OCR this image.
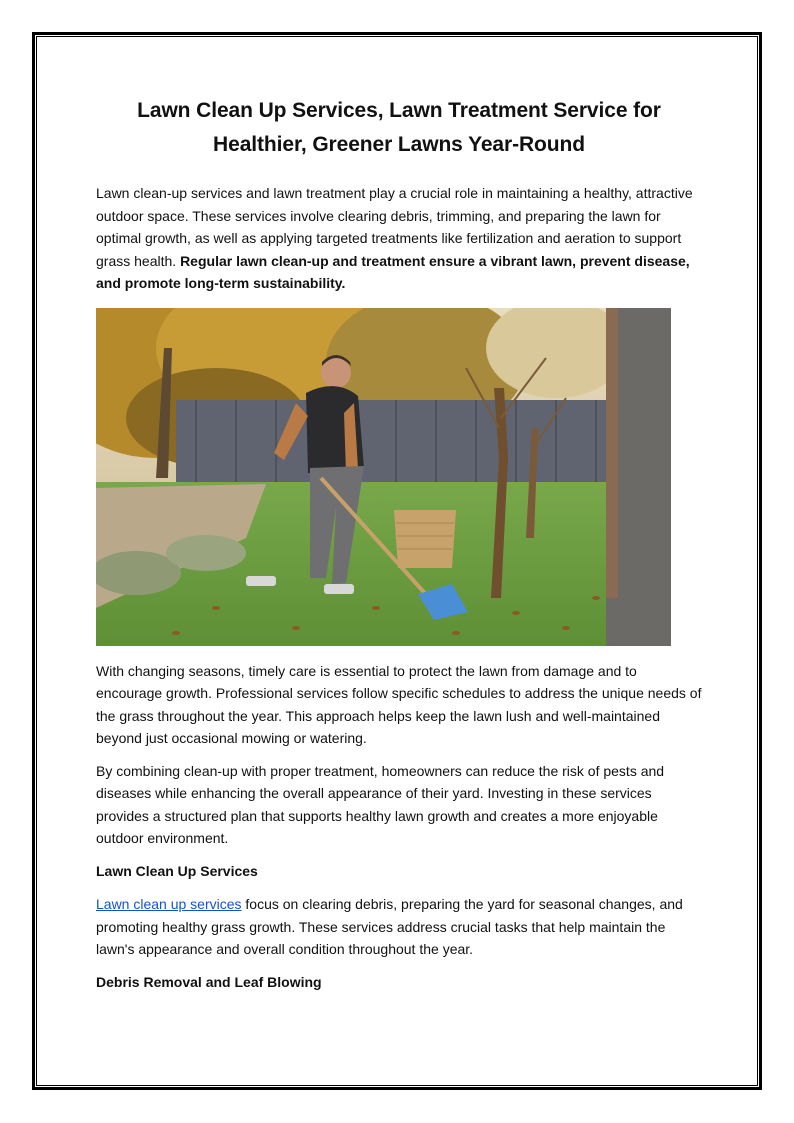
Lawn Clean Up Services, Lawn Treatment Service for
Healthier, Greener Lawns Year-Round

Lawn clean-up services and lawn treatment play a crucial role in maintaining a healthy, attractive outdoor space. These services involve clearing debris, trimming, and preparing the lawn for optimal growth, as well as applying targeted treatments like fertilization and aeration to support grass health. Regular lawn clean-up and treatment ensure a vibrant lawn, prevent disease, and promote long-term sustainability.

With changing seasons, timely care is essential to protect the lawn from damage and to encourage growth. Professional services follow specific schedules to address the unique needs of the grass throughout the year. This approach helps keep the lawn lush and well-maintained beyond just occasional mowing or watering.

By combining clean-up with proper treatment, homeowners can reduce the risk of pests and diseases while enhancing the overall appearance of their yard. Investing in these services provides a structured plan that supports healthy lawn growth and creates a more enjoyable outdoor environment.

Lawn Clean Up Services

Lawn clean up services focus on clearing debris, preparing the yard for seasonal changes, and promoting healthy grass growth. These services address crucial tasks that help maintain the lawn's appearance and overall condition throughout the year.

Debris Removal and Leaf Blowing
